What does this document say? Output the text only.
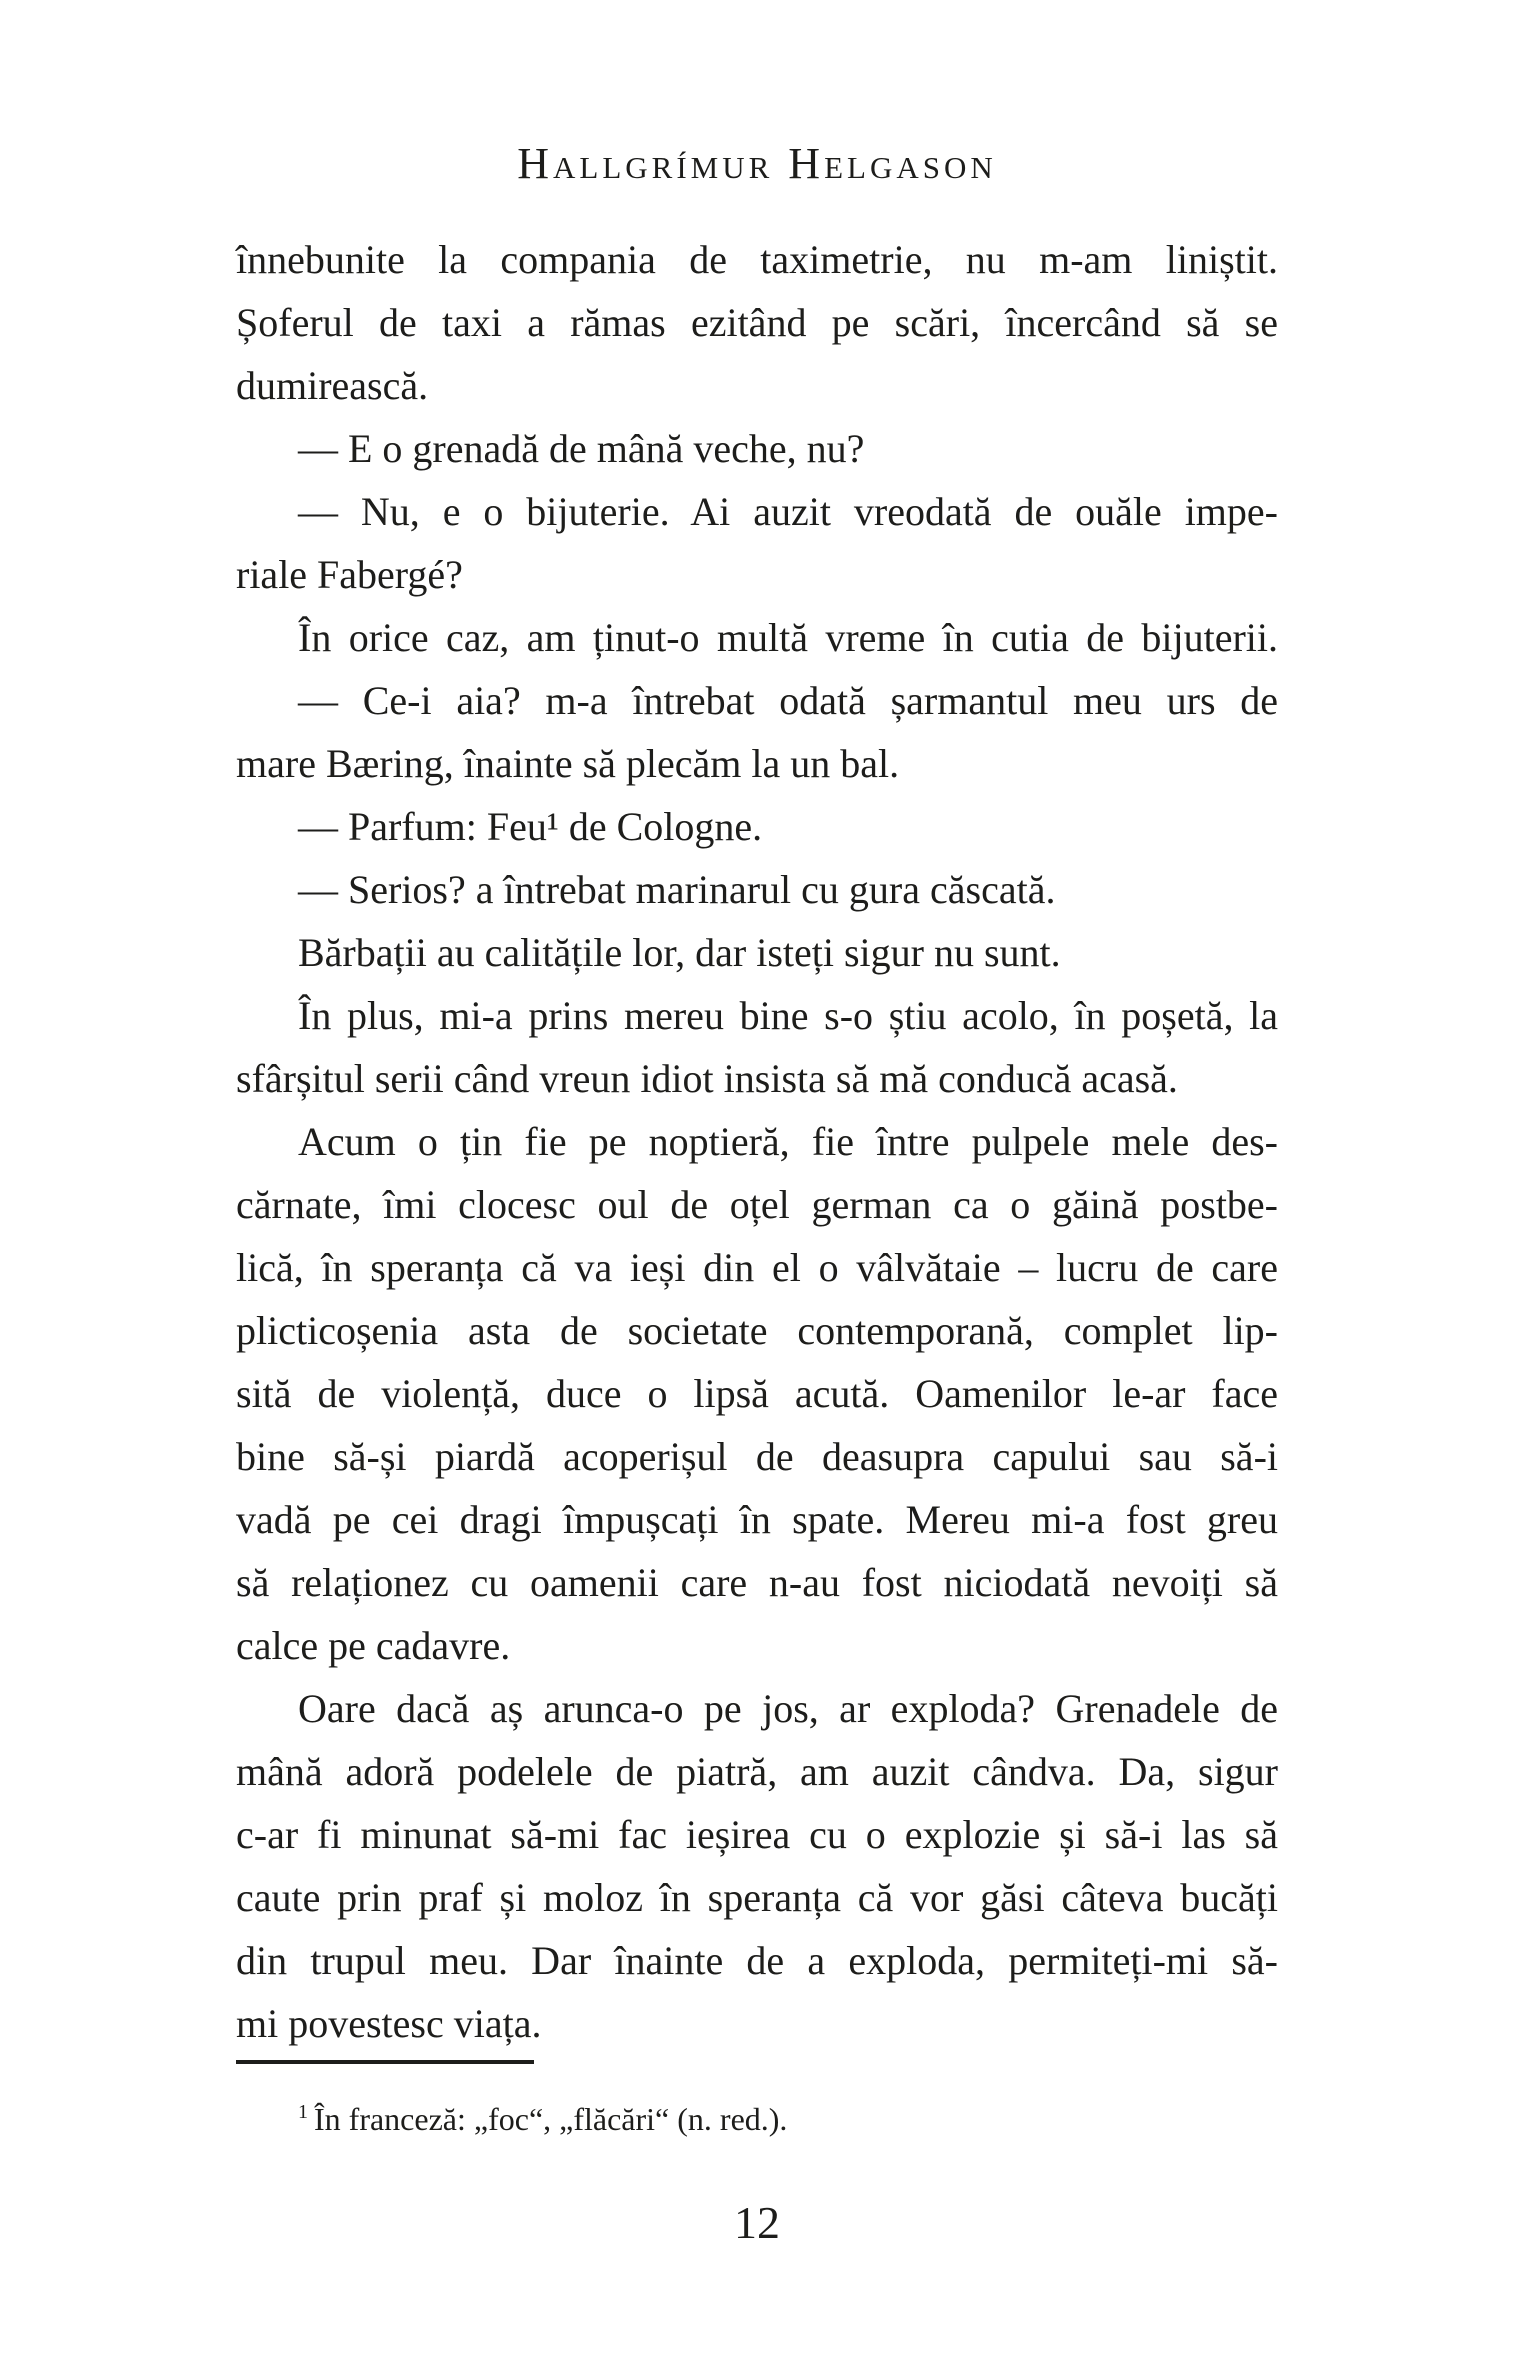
Hallgrímur Helgason
înnebunite la compania de taximetrie, nu m-am liniștit.
Șoferul de taxi a rămas ezitând pe scări, încercând să se
dumirească.
— E o grenadă de mână veche, nu?
— Nu, e o bijuterie. Ai auzit vreodată de ouăle impe-
riale Fabergé?
În orice caz, am ținut-o multă vreme în cutia de bijuterii.
— Ce-i aia? m-a întrebat odată șarmantul meu urs de
mare Bæring, înainte să plecăm la un bal.
— Parfum: Feu¹ de Cologne.
— Serios? a întrebat marinarul cu gura căscată.
Bărbații au calitățile lor, dar isteți sigur nu sunt.
În plus, mi-a prins mereu bine s-o știu acolo, în poșetă, la
sfârșitul serii când vreun idiot insista să mă conducă acasă.
Acum o țin fie pe noptieră, fie între pulpele mele des-
cărnate, îmi clocesc oul de oțel german ca o găină postbe-
lică, în speranța că va ieși din el o vâlvătaie – lucru de care
plicticoșenia asta de societate contemporană, complet lip-
sită de violență, duce o lipsă acută. Oamenilor le-ar face
bine să-și piardă acoperișul de deasupra capului sau să-i
vadă pe cei dragi împușcați în spate. Mereu mi-a fost greu
să relaționez cu oamenii care n-au fost niciodată nevoiți să
calce pe cadavre.
Oare dacă aș arunca-o pe jos, ar exploda? Grenadele de
mână adoră podelele de piatră, am auzit cândva. Da, sigur
c-ar fi minunat să-mi fac ieșirea cu o explozie și să-i las să
caute prin praf și moloz în speranța că vor găsi câteva bucăți
din trupul meu. Dar înainte de a exploda, permiteți-mi să-
mi povestesc viața.
$^1$ În franceză: „foc“, „flăcări“ (n. red.).
12
